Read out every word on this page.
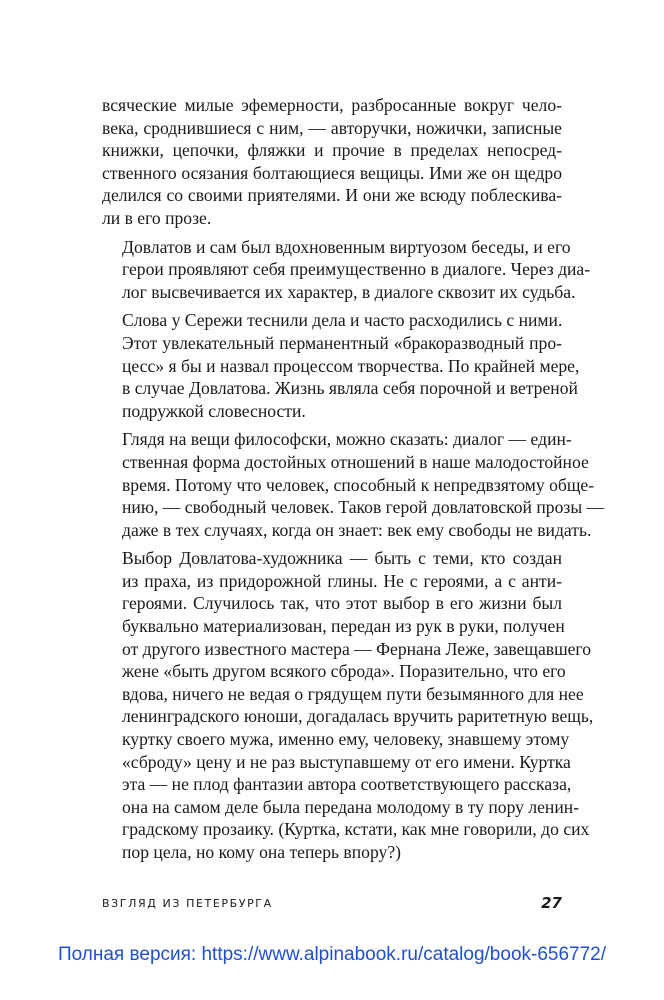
всяческие милые эфемерности, разбросанные вокруг чело-
века, сроднившиеся с ним, — авторучки, ножички, записные
книжки, цепочки, фляжки и прочие в пределах непосред-
ственного осязания болтающиеся вещицы. Ими же он щедро
делился со своими приятелями. И они же всюду поблескива-
ли в его прозе.

Довлатов и сам был вдохновенным виртуозом беседы, и его
герои проявляют себя преимущественно в диалоге. Через диа-
лог высвечивается их характер, в диалоге сквозит их судьба.

Слова у Сережи теснили дела и часто расходились с ними.
Этот увлекательный перманентный «бракоразводный про-
цесс» я бы и назвал процессом творчества. По крайней мере,
в случае Довлатова. Жизнь являла себя порочной и ветреной
подружкой словесности.

Глядя на вещи философски, можно сказать: диалог — един-
ственная форма достойных отношений в наше малодостойное
время. Потому что человек, способный к непредвзятому обще-
нию, — свободный человек. Таков герой довлатовской прозы —
даже в тех случаях, когда он знает: век ему свободы не видать.

Выбор Довлатова-художника — быть с теми, кто создан
из праха, из придорожной глины. Не с героями, а с анти-
героями. Случилось так, что этот выбор в его жизни был
буквально материализован, передан из рук в руки, получен
от другого известного мастера — Фернана Леже, завещавшего
жене «быть другом всякого сброда». Поразительно, что его
вдова, ничего не ведая о грядущем пути безымянного для нее
ленинградского юноши, догадалась вручить раритетную вещь,
куртку своего мужа, именно ему, человеку, знавшему этому
«сброду» цену и не раз выступавшему от его имени. Куртка
эта — не плод фантазии автора соответствующего рассказа,
она на самом деле была передана молодому в ту пору ленин-
градскому прозаику. (Куртка, кстати, как мне говорили, до сих
пор цела, но кому она теперь впору?)

ВЗГЛЯД ИЗ ПЕТЕРБУРГА	27
Полная версия: https://www.alpinabook.ru/catalog/book-656772/
